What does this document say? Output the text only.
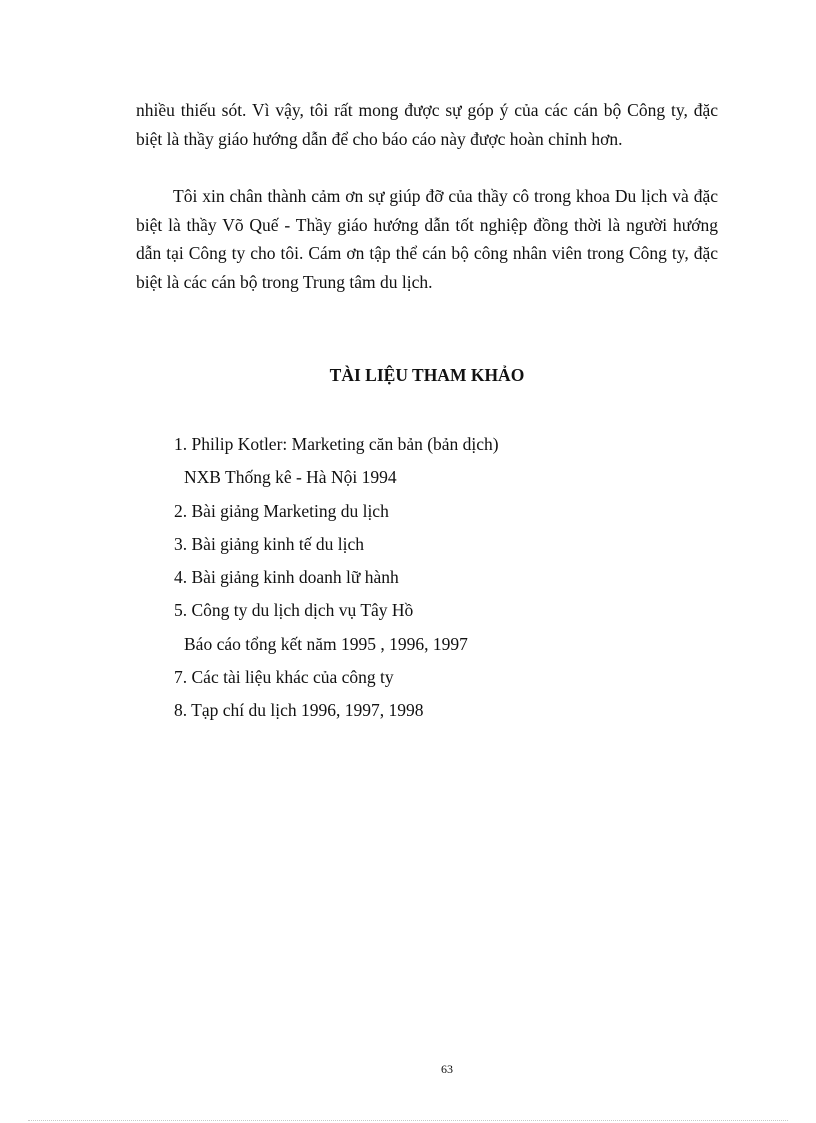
nhiều thiếu sót. Vì vậy, tôi rất mong được sự góp ý của các cán bộ Công ty, đặc biệt là thầy giáo hướng dẫn để cho báo cáo này được hoàn chỉnh hơn.

Tôi xin chân thành cảm ơn sự giúp đỡ của thầy cô trong khoa Du lịch và đặc biệt là thầy Võ Quế - Thầy giáo hướng dẫn tốt nghiệp đồng thời là người hướng dẫn tại Công ty cho tôi. Cám ơn tập thể cán bộ công nhân viên trong Công ty, đặc biệt là các cán bộ trong Trung tâm du lịch.

TÀI LIỆU THAM KHẢO
1. Philip Kotler: Marketing căn bản (bản dịch)
NXB Thống kê - Hà Nội 1994
2. Bài giảng Marketing du lịch
3. Bài giảng kinh tế du lịch
4. Bài giảng kinh doanh lữ hành
5. Công ty du lịch dịch vụ Tây Hồ
Báo cáo tổng kết năm 1995 , 1996, 1997
7. Các tài liệu khác của công ty
8. Tạp chí du lịch 1996, 1997, 1998
63
